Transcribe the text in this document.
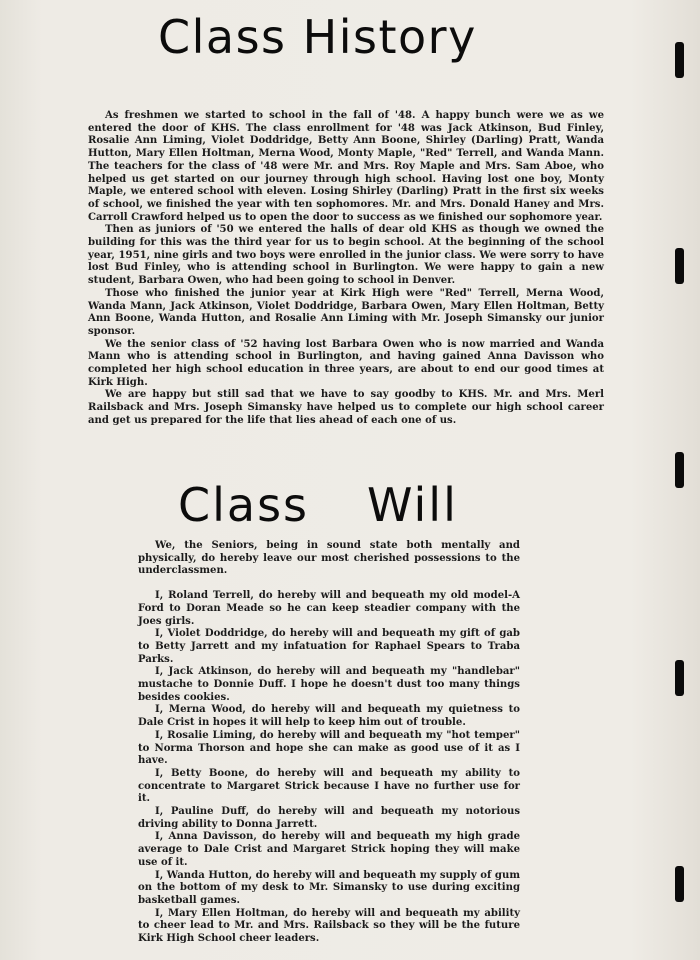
Class History

As freshmen we started to school in the fall of '48. A happy bunch were we as we entered the door of KHS. The class enrollment for '48 was Jack Atkinson, Bud Finley, Rosalie Ann Liming, Violet Doddridge, Betty Ann Boone, Shirley (Darling) Pratt, Wanda Hutton, Mary Ellen Holtman, Merna Wood, Monty Maple, "Red" Terrell, and Wanda Mann. The teachers for the class of '48 were Mr. and Mrs. Roy Maple and Mrs. Sam Aboe, who helped us get started on our journey through high school. Having lost one boy, Monty Maple, we entered school with eleven. Losing Shirley (Darling) Pratt in the first six weeks of school, we finished the year with ten sophomores. Mr. and Mrs. Donald Haney and Mrs. Carroll Crawford helped us to open the door to success as we finished our sophomore year.

Then as juniors of '50 we entered the halls of dear old KHS as though we owned the building for this was the third year for us to begin school. At the beginning of the school year, 1951, nine girls and two boys were enrolled in the junior class. We were sorry to have lost Bud Finley, who is attending school in Burlington. We were happy to gain a new student, Barbara Owen, who had been going to school in Denver.

Those who finished the junior year at Kirk High were "Red" Terrell, Merna Wood, Wanda Mann, Jack Atkinson, Violet Doddridge, Barbara Owen, Mary Ellen Holtman, Betty Ann Boone, Wanda Hutton, and Rosalie Ann Liming with Mr. Joseph Simansky our junior sponsor.

We the senior class of '52 having lost Barbara Owen who is now married and Wanda Mann who is attending school in Burlington, and having gained Anna Davisson who completed her high school education in three years, are about to end our good times at Kirk High.

We are happy but still sad that we have to say goodby to KHS. Mr. and Mrs. Merl Railsback and Mrs. Joseph Simansky have helped us to complete our high school career and get us prepared for the life that lies ahead of each one of us.

Class Will

We, the Seniors, being in sound state both mentally and physically, do hereby leave our most cherished possessions to the underclassmen.

I, Roland Terrell, do hereby will and bequeath my old model-A Ford to Doran Meade so he can keep steadier company with the Joes girls.

I, Violet Doddridge, do hereby will and bequeath my gift of gab to Betty Jarrett and my infatuation for Raphael Spears to Traba Parks.

I, Jack Atkinson, do hereby will and bequeath my "handlebar" mustache to Donnie Duff. I hope he doesn't dust too many things besides cookies.

I, Merna Wood, do hereby will and bequeath my quietness to Dale Crist in hopes it will help to keep him out of trouble.

I, Rosalie Liming, do hereby will and bequeath my "hot temper" to Norma Thorson and hope she can make as good use of it as I have.

I, Betty Boone, do hereby will and bequeath my ability to concentrate to Margaret Strick because I have no further use for it.

I, Pauline Duff, do hereby will and bequeath my notorious driving ability to Donna Jarrett.

I, Anna Davisson, do hereby will and bequeath my high grade average to Dale Crist and Margaret Strick hoping they will make use of it.

I, Wanda Hutton, do hereby will and bequeath my supply of gum on the bottom of my desk to Mr. Simansky to use during exciting basketball games.

I, Mary Ellen Holtman, do hereby will and bequeath my ability to cheer lead to Mr. and Mrs. Railsback so they will be the future Kirk High School cheer leaders.
